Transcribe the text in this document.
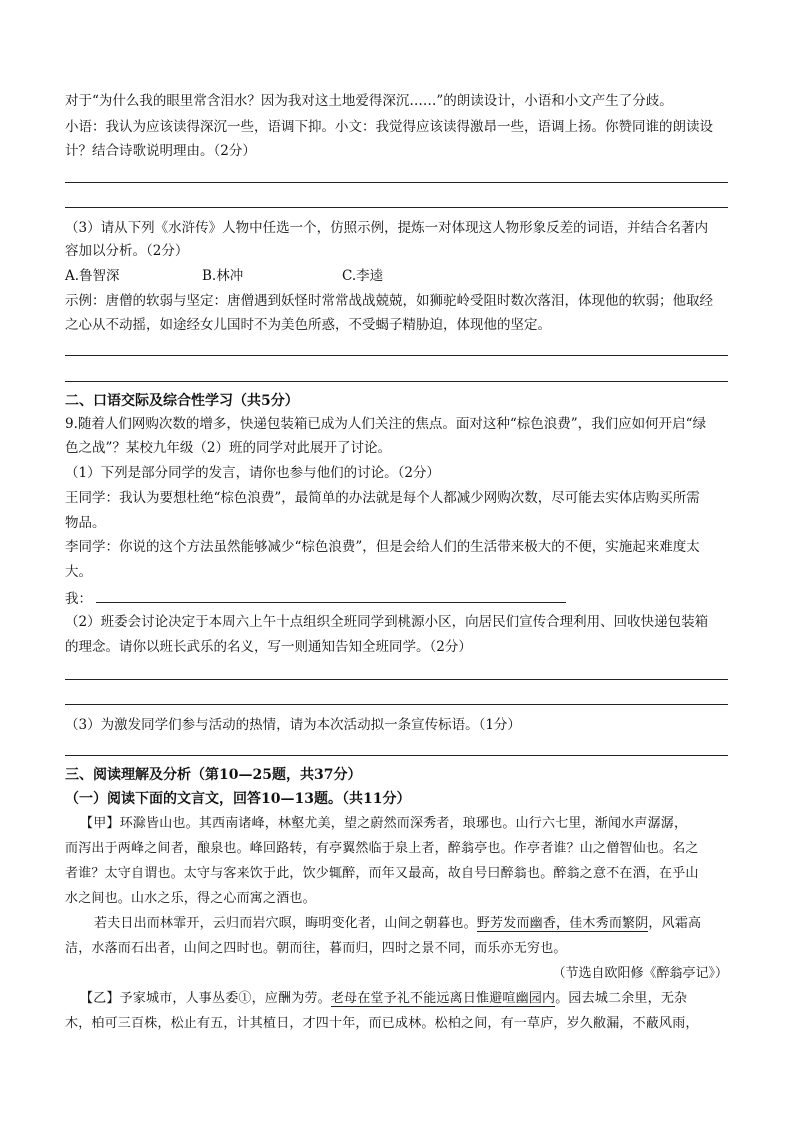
对于“为什么我的眼里常含泪水？因为我对这土地爱得深沉……”的朗读设计，小语和小文产生了分歧。
小语：我认为应该读得深沉一些，语调下抑。小文：我觉得应该读得激昂一些，语调上扬。你赞同谁的朗读设
计？结合诗歌说明理由。（2分）
（3）请从下列《水浒传》人物中任选一个，仿照示例，提炼一对体现这人物形象反差的词语，并结合名著内
容加以分析。（2分）
A.鲁智深	B.林冲	C.李逵
示例：唐僧的软弱与坚定：唐僧遇到妖怪时常常战战兢兢，如狮驼岭受阻时数次落泪，体现他的软弱；他取经
之心从不动摇，如途经女儿国时不为美色所惑，不受蝎子精胁迫，体现他的坚定。
二、口语交际及综合性学习（共5分）
9.随着人们网购次数的增多，快递包装箱已成为人们关注的焦点。面对这种“棕色浪费”，我们应如何开启“绿
色之战”？某校九年级（2）班的同学对此展开了讨论。
（1）下列是部分同学的发言，请你也参与他们的讨论。（2分）
王同学：我认为要想杜绝“棕色浪费”，最简单的办法就是每个人都减少网购次数，尽可能去实体店购买所需
物品。
李同学：你说的这个方法虽然能够减少“棕色浪费”，但是会给人们的生活带来极大的不便，实施起来难度太
大。
我：
（2）班委会讨论决定于本周六上午十点组织全班同学到桃源小区，向居民们宣传合理利用、回收快递包装箱
的理念。请你以班长武乐的名义，写一则通知告知全班同学。（2分）
（3）为激发同学们参与活动的热情，请为本次活动拟一条宣传标语。（1分）
三、阅读理解及分析（第10—25题，共37分）
（一）阅读下面的文言文，回答10—13题。（共11分）
【甲】环滁皆山也。其西南诸峰，林壑尤美，望之蔚然而深秀者，琅琊也。山行六七里，渐闻水声潺潺，
而泻出于两峰之间者，酿泉也。峰回路转，有亭翼然临于泉上者，醉翁亭也。作亭者谁？山之僧智仙也。名之
者谁？太守自谓也。太守与客来饮于此，饮少辄醉，而年又最高，故自号曰醉翁也。醉翁之意不在酒，在乎山
水之间也。山水之乐，得之心而寓之酒也。
若夫日出而林霏开，云归而岩穴暝，晦明变化者，山间之朝暮也。野芳发而幽香，佳木秀而繁阴，风霜高
洁，水落而石出者，山间之四时也。朝而往，暮而归，四时之景不同，而乐亦无穷也。
（节选自欧阳修《醉翁亭记》）
【乙】予家城市，人事丛委①，应酬为劳。老母在堂予礼不能远离日惟避喧幽园内。园去城二余里，无杂
木，柏可三百株，松止有五，计其植日，才四十年，而已成林。松柏之间，有一草庐，岁久敝漏，不蔽风雨，
